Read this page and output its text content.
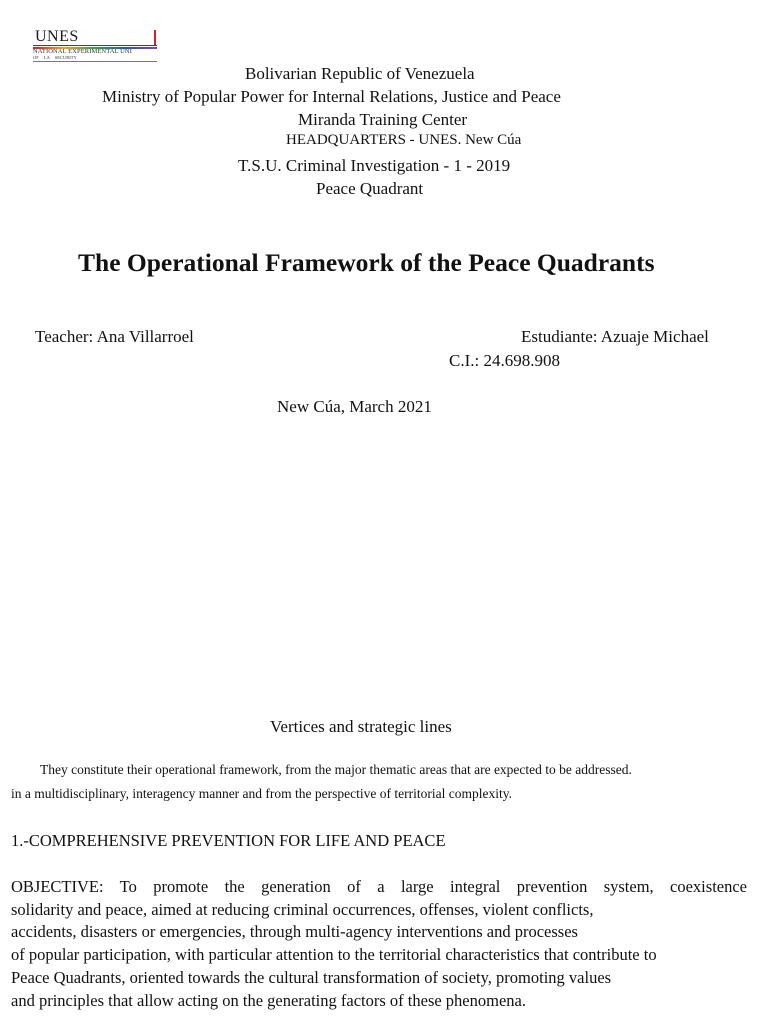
UNES
NATIONAL EXPERIMENTAL UNI
OF LA SECURITY
Bolivarian Republic of Venezuela
Ministry of Popular Power for Internal Relations, Justice and Peace
Miranda Training Center
HEADQUARTERS - UNES. New Cúa
T.S.U. Criminal Investigation - 1 - 2019
Peace Quadrant
The Operational Framework of the Peace Quadrants
Teacher: Ana Villarroel	Estudiante: Azuaje Michael
C.I.: 24.698.908
New Cúa, March 2021
Vertices and strategic lines
They constitute their operational framework, from the major thematic areas that are expected to be addressed.
in a multidisciplinary, interagency manner and from the perspective of territorial complexity.
1.-COMPREHENSIVE PREVENTION FOR LIFE AND PEACE
OBJECTIVE: To promote the generation of a large integral prevention system, coexistence
solidarity and peace, aimed at reducing criminal occurrences, offenses, violent conflicts,
accidents, disasters or emergencies, through multi-agency interventions and processes
of popular participation, with particular attention to the territorial characteristics that contribute to
Peace Quadrants, oriented towards the cultural transformation of society, promoting values
and principles that allow acting on the generating factors of these phenomena.
